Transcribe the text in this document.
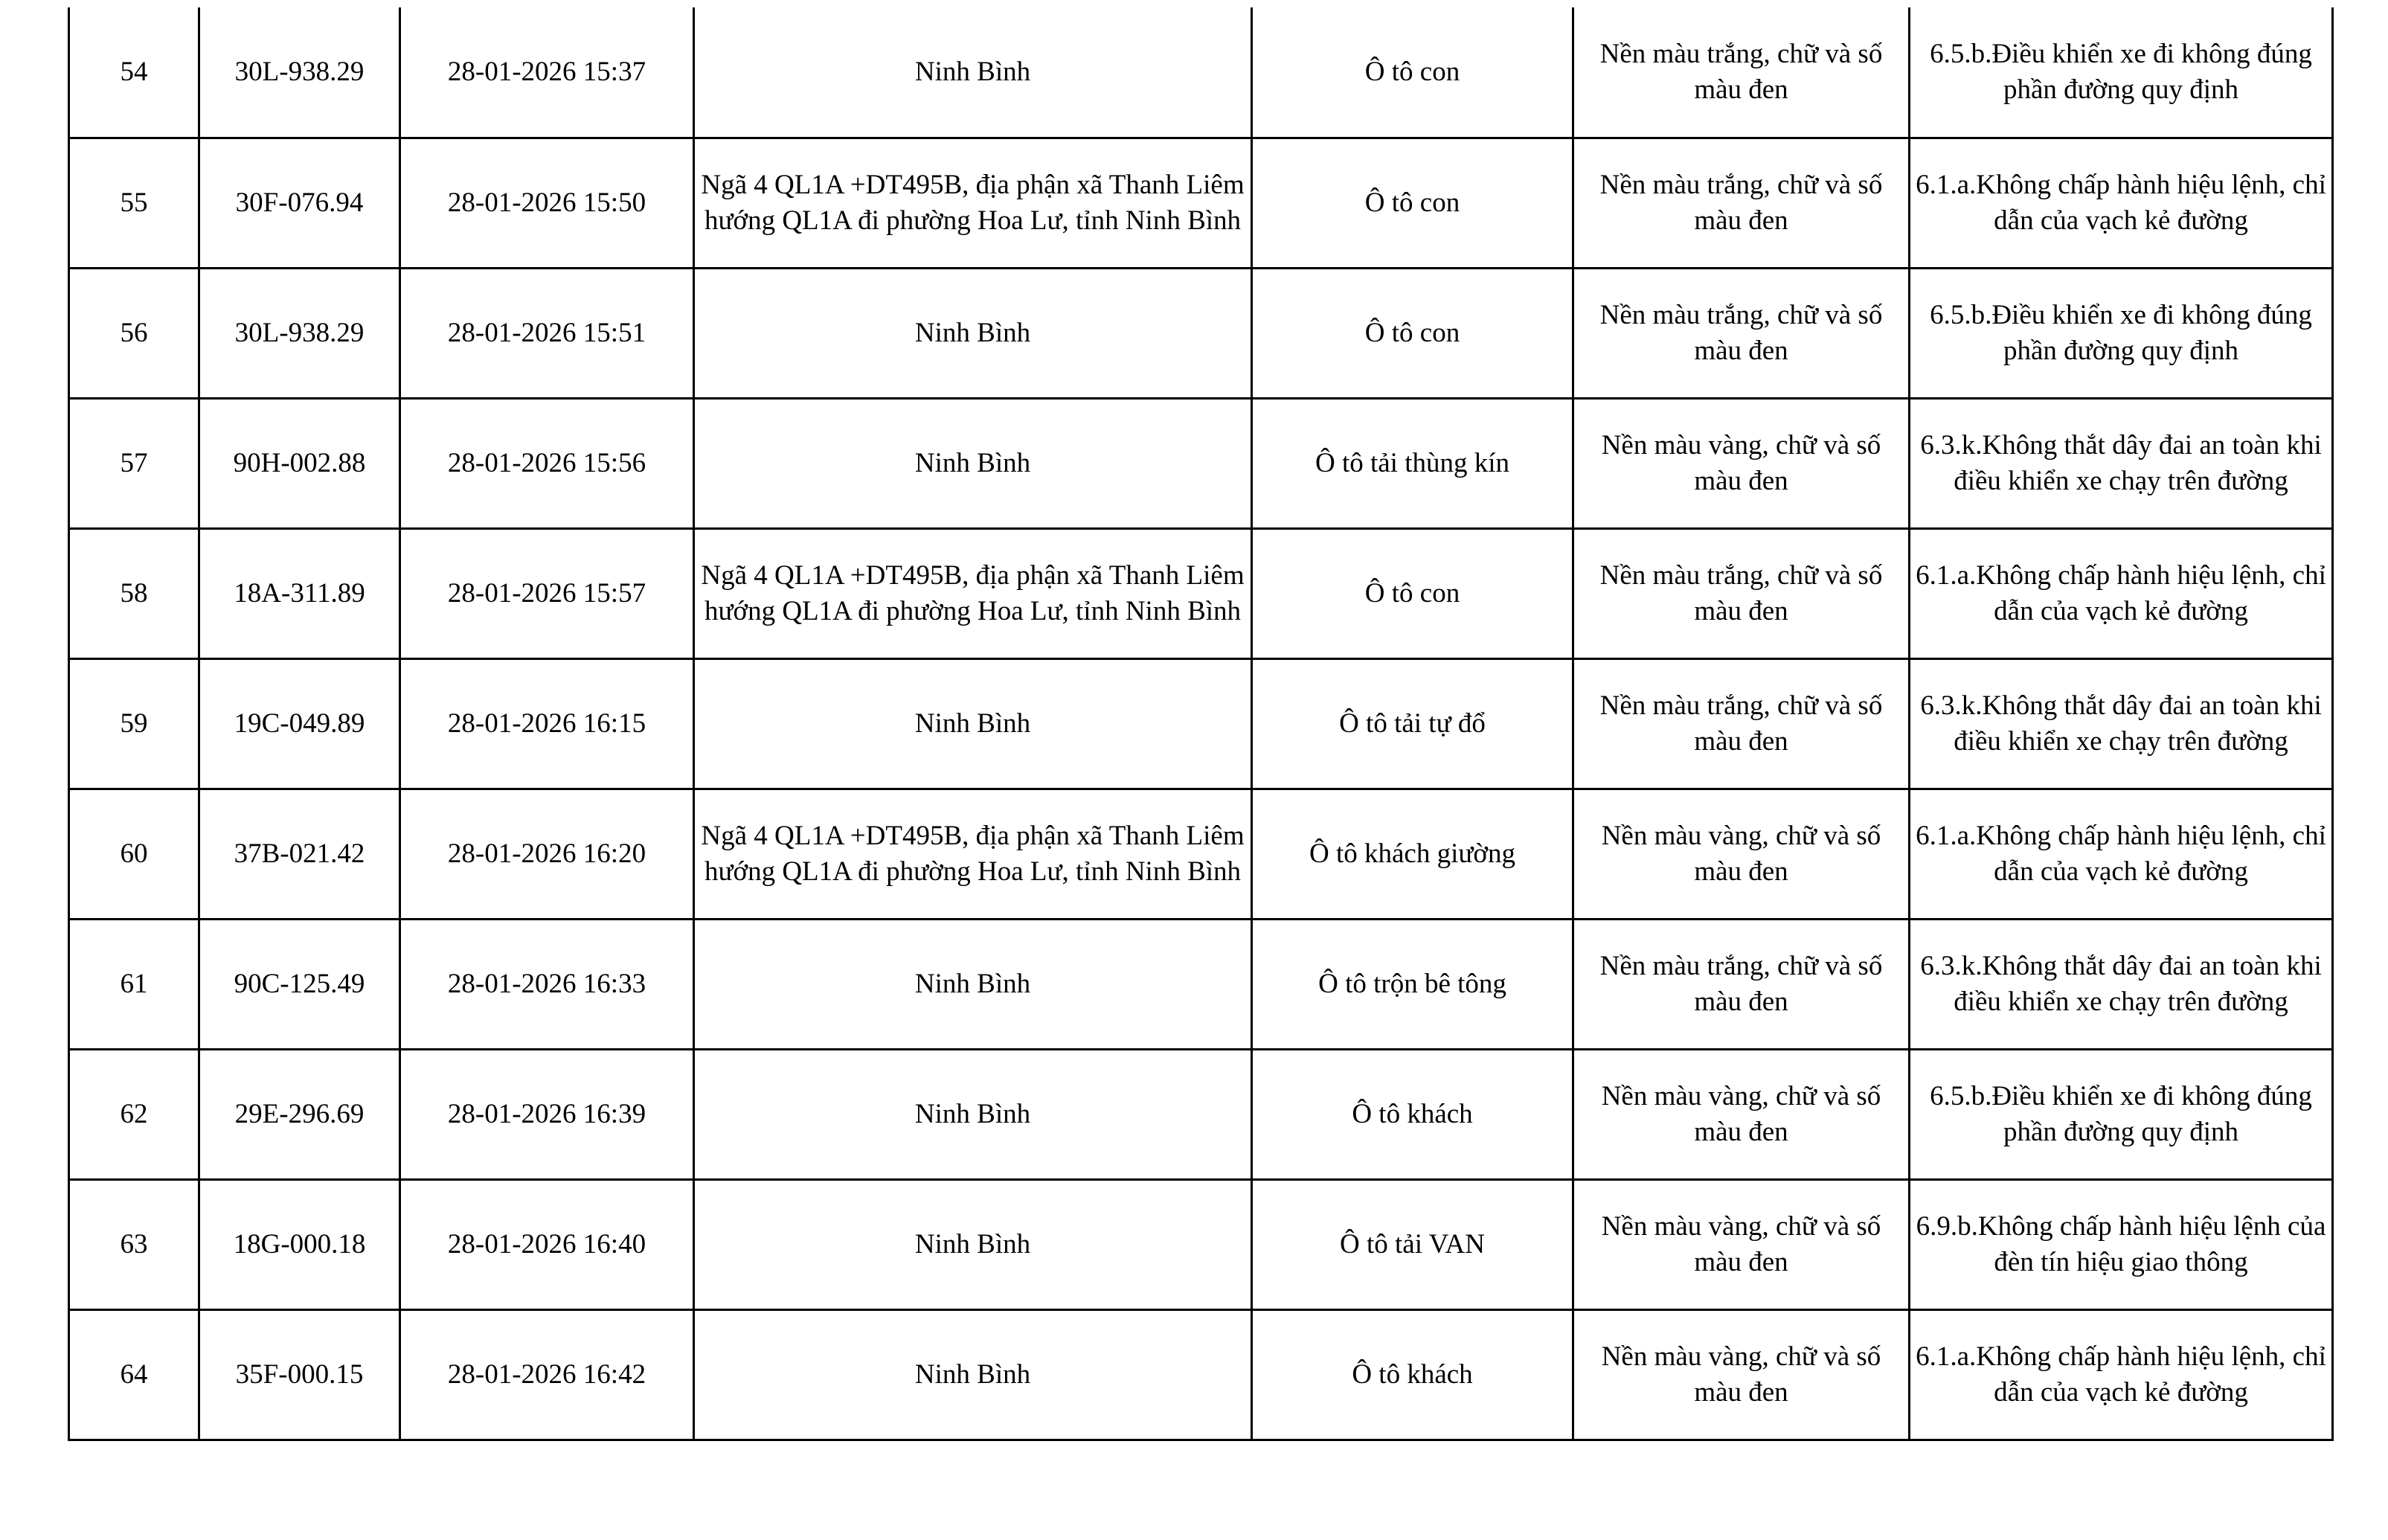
54	30L-938.29	28-01-2026 15:37	Ninh Bình	Ô tô con	Nền màu trắng, chữ và số màu đen	6.5.b.Điều khiển xe đi không đúng phần đường quy định
55	30F-076.94	28-01-2026 15:50	Ngã 4 QL1A +DT495B, địa phận xã Thanh Liêm hướng QL1A đi phường Hoa Lư, tỉnh Ninh Bình	Ô tô con	Nền màu trắng, chữ và số màu đen	6.1.a.Không chấp hành hiệu lệnh, chỉ dẫn của vạch kẻ đường
56	30L-938.29	28-01-2026 15:51	Ninh Bình	Ô tô con	Nền màu trắng, chữ và số màu đen	6.5.b.Điều khiển xe đi không đúng phần đường quy định
57	90H-002.88	28-01-2026 15:56	Ninh Bình	Ô tô tải thùng kín	Nền màu vàng, chữ và số màu đen	6.3.k.Không thắt dây đai an toàn khi điều khiển xe chạy trên đường
58	18A-311.89	28-01-2026 15:57	Ngã 4 QL1A +DT495B, địa phận xã Thanh Liêm hướng QL1A đi phường Hoa Lư, tỉnh Ninh Bình	Ô tô con	Nền màu trắng, chữ và số màu đen	6.1.a.Không chấp hành hiệu lệnh, chỉ dẫn của vạch kẻ đường
59	19C-049.89	28-01-2026 16:15	Ninh Bình	Ô tô tải tự đổ	Nền màu trắng, chữ và số màu đen	6.3.k.Không thắt dây đai an toàn khi điều khiển xe chạy trên đường
60	37B-021.42	28-01-2026 16:20	Ngã 4 QL1A +DT495B, địa phận xã Thanh Liêm hướng QL1A đi phường Hoa Lư, tỉnh Ninh Bình	Ô tô khách giường	Nền màu vàng, chữ và số màu đen	6.1.a.Không chấp hành hiệu lệnh, chỉ dẫn của vạch kẻ đường
61	90C-125.49	28-01-2026 16:33	Ninh Bình	Ô tô trộn bê tông	Nền màu trắng, chữ và số màu đen	6.3.k.Không thắt dây đai an toàn khi điều khiển xe chạy trên đường
62	29E-296.69	28-01-2026 16:39	Ninh Bình	Ô tô khách	Nền màu vàng, chữ và số màu đen	6.5.b.Điều khiển xe đi không đúng phần đường quy định
63	18G-000.18	28-01-2026 16:40	Ninh Bình	Ô tô tải VAN	Nền màu vàng, chữ và số màu đen	6.9.b.Không chấp hành hiệu lệnh của đèn tín hiệu giao thông
64	35F-000.15	28-01-2026 16:42	Ninh Bình	Ô tô khách	Nền màu vàng, chữ và số màu đen	6.1.a.Không chấp hành hiệu lệnh, chỉ dẫn của vạch kẻ đường
